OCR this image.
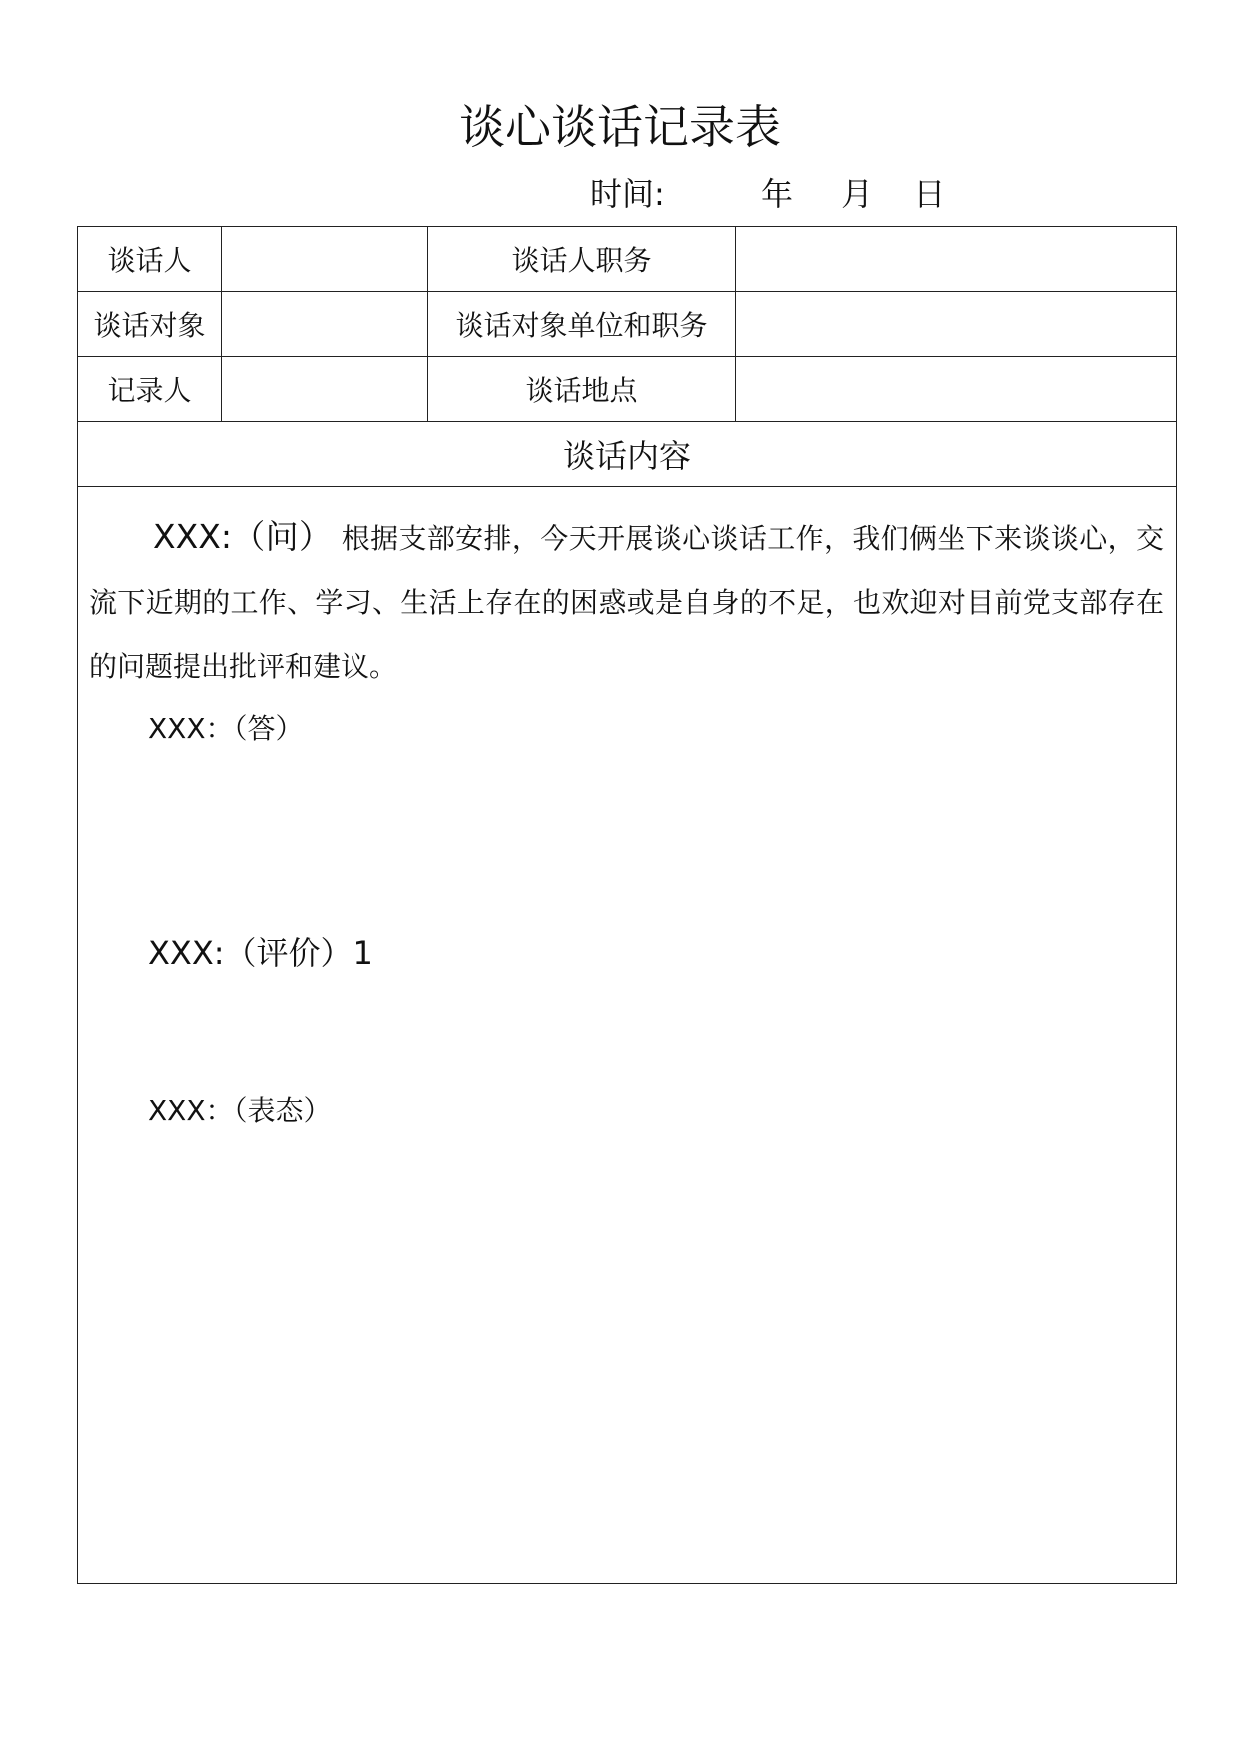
谈心谈话记录表
时间:	年 月 日
谈话人		谈话人职务	
谈话对象		谈话对象单位和职务	
记录人		谈话地点	
谈话内容			

XXX:（问） 根据支部安排，今天开展谈心谈话工作，我们俩坐下来谈谈心，交流下近期的工作、学习、生活上存在的困惑或是自身的不足，也欢迎对目前党支部存在的问题提出批评和建议。

XXX：（答）

XXX:（评价）1

XXX：（表态）			
